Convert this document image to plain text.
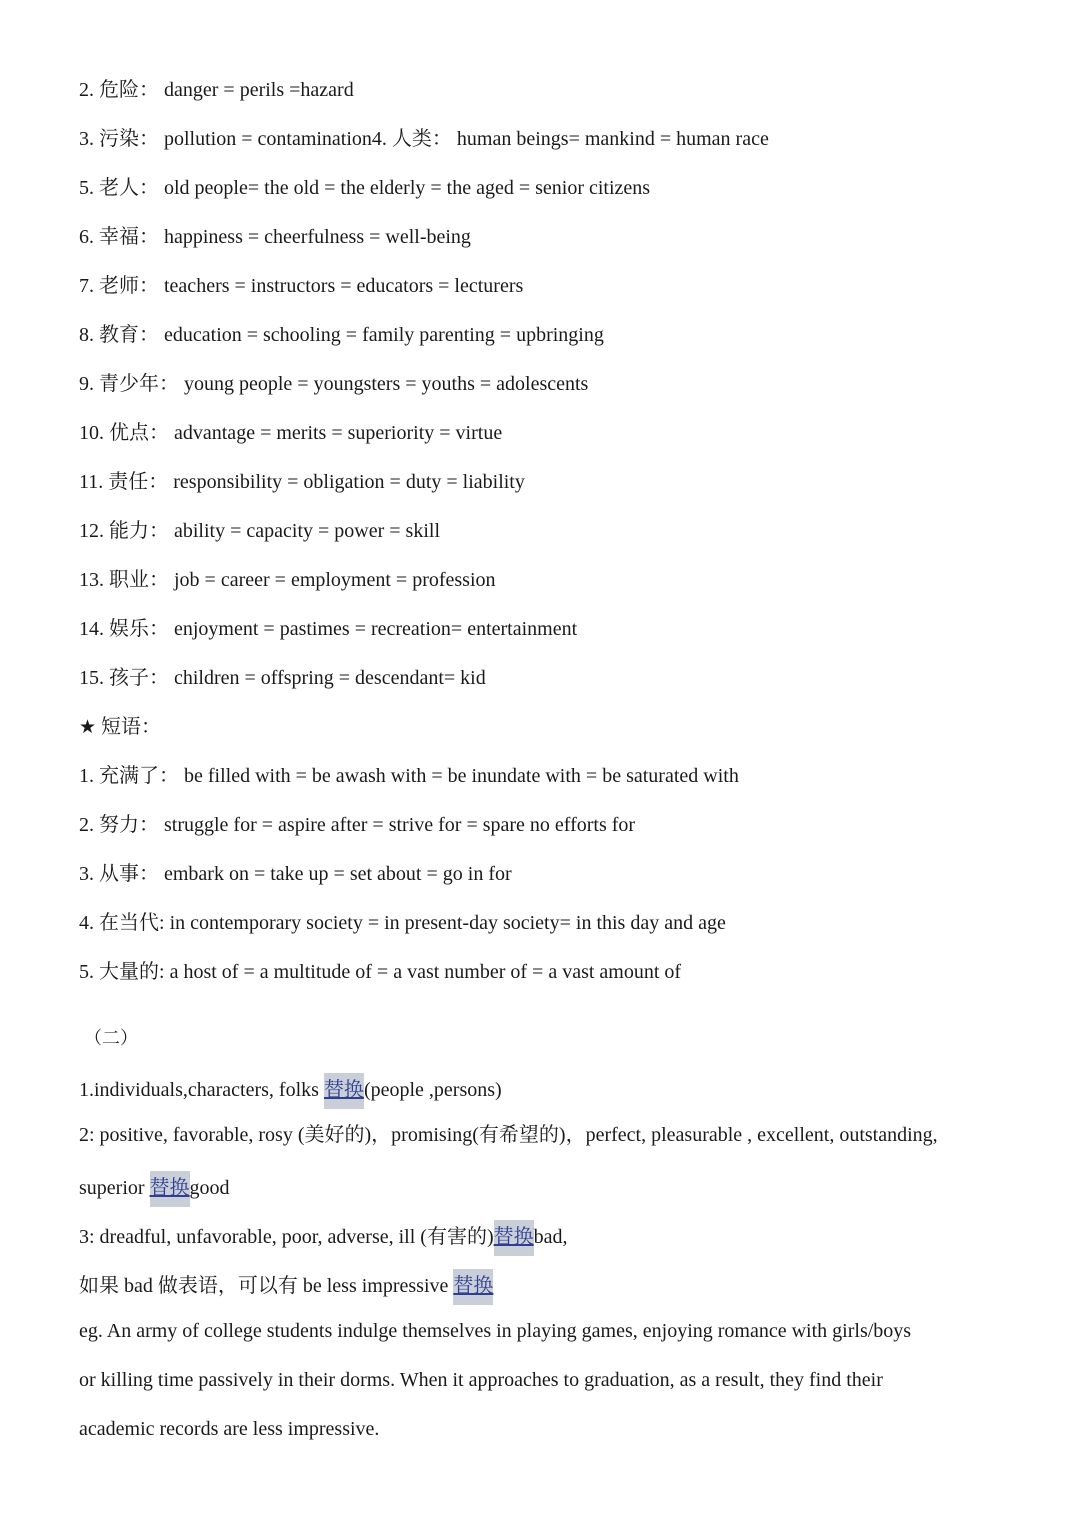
2. 危险： danger = perils =hazard
3. 污染： pollution = contamination4. 人类： human beings= mankind = human race
5. 老人： old people= the old = the elderly = the aged = senior citizens
6. 幸福： happiness = cheerfulness = well-being
7. 老师： teachers = instructors = educators = lecturers
8. 教育： education = schooling = family parenting = upbringing
9. 青少年： young people = youngsters = youths = adolescents
10. 优点： advantage = merits = superiority = virtue
11. 责任： responsibility = obligation = duty = liability
12. 能力： ability = capacity = power = skill
13. 职业： job = career = employment = profession
14. 娱乐： enjoyment = pastimes = recreation= entertainment
15. 孩子： children = offspring = descendant= kid
★ 短语：
1. 充满了： be filled with = be awash with = be inundate with = be saturated with
2. 努力： struggle for = aspire after = strive for = spare no efforts for
3. 从事： embark on = take up = set about = go in for
4. 在当代: in contemporary society = in present-day society= in this day and age
5. 大量的: a host of = a multitude of = a vast number of = a vast amount of
（二）
1.individuals,characters, folks 替换(people ,persons)
2: positive, favorable, rosy (美好的)，promising(有希望的)，perfect, pleasurable , excellent, outstanding,
superior 替换good
3: dreadful, unfavorable, poor, adverse, ill (有害的)替换bad,
如果 bad 做表语，可以有 be less impressive 替换
eg. An army of college students indulge themselves in playing games, enjoying romance with girls/boys
or killing time passively in their dorms. When it approaches to graduation, as a result, they find their
academic records are less impressive.
